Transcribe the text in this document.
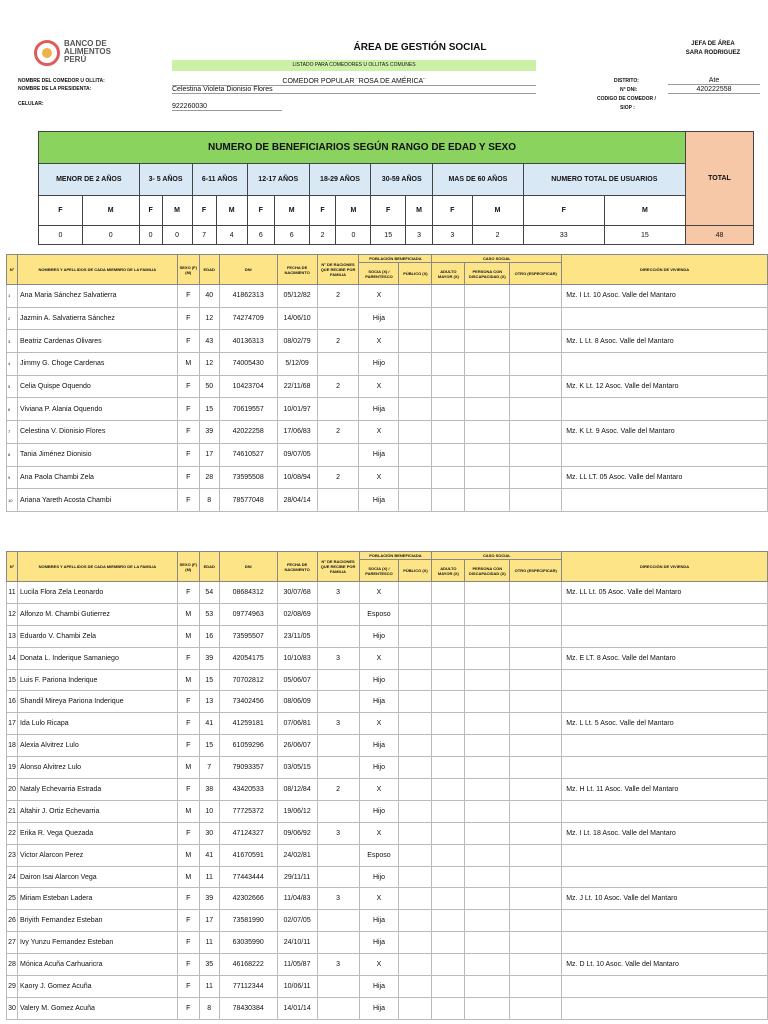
BANCO DE
ALIMENTOS
PERÚ
ÁREA DE GESTIÓN SOCIAL
LISTADO PARA COMEDORES U OLLITAS COMUNES
JEFA DE ÁREA
SARA RODRIGUEZ
NOMBRE DEL COMEDOR U OLLITA:
NOMBRE DE LA PRESIDENTA:
CELULAR:
COMEDOR POPULAR ¨ROSA DE AMÉRICA¨
Celestina Violeta Dionisio Flores
922260030
DISTRITO:
N° DNI:
CODIGO DE COMEDOR /
SIOP :
Ate
420222558
NUMERO DE BENEFICIARIOS SEGÚN RANGO DE EDAD Y SEXO																TOTAL
MENOR DE 2 AÑOS		3- 5 AÑOS		6-11 AÑOS		12-17 AÑOS		18-29 AÑOS		30-59 AÑOS		MAS DE 60 AÑOS		NUMERO TOTAL DE USUARIOS		
F	M	F	M	F	M	F	M	F	M	F	M	F	M	F	M	
0	0	0	0	7	4	6	6	2	0	15	3	3	2	33	15	48
N°	NOMBRES Y APELLIDOS DE CADA MIEMBRO DE LA FAMILIA	SEXO (F) (M)	EDAD	DNI	FECHA DE NACIMIENTO	N° DE RACIONES QUE RECIBE POR FAMILIA	POBLACIÓN BENEFICIADA		CASO SOCIAL			DIRECCIÓN DE VIVIENDA
							SOCIA (X) / PARENTESCO	PÚBLICO (X)	ADULTO MAYOR (X)	PERSONA CON DISCAPACIDAD (X)	OTRO (ESPECIFICAR)	
1	Ana Maria Sánchez Salvatierra	F	40	41862313	05/12/82	2	X					Mz. I Lt. 10 Asoc. Valle del Mantaro
2	Jazmin A. Salvatierra Sánchez	F	12	74274709	14/06/10		Hija					
3	Beatriz Cardenas Olivares	F	43	40136313	08/02/79	2	X					Mz. L Lt. 8 Asoc. Valle del Mantaro
4	Jimmy G. Choge Cardenas	M	12	74005430	5/12/09		Hijo					
5	Celia Quispe Oquendo	F	50	10423704	22/11/68	2	X					Mz. K Lt. 12 Asoc. Valle del Mantaro
6	Viviana P. Alania Oquendo	F	15	70619557	10/01/97		Hija					
7	Celestina V. Dionisio Flores	F	39	42022258	17/06/83	2	X					Mz. K Lt. 9 Asoc. Valle del Mantaro
8	Tania Jiménez Dionisio	F	17	74610527	09/07/05		Hija					
9	Ana Paola Chambi Zela	F	28	73595508	10/08/94	2	X					Mz. LL LT. 05 Asoc. Valle del Mantaro
10	Ariana Yareth Acosta Chambi	F	8	78577048	28/04/14		Hija					
N°	NOMBRES Y APELLIDOS DE CADA MIEMBRO DE LA FAMILIA	SEXO (F) (M)	EDAD	DNI	FECHA DE NACIMIENTO	N° DE RACIONES QUE RECIBE POR FAMILIA	POBLACIÓN BENEFICIADA		CASO SOCIAL			DIRECCIÓN DE VIVIENDA
							SOCIA (X) / PARENTESCO	PÚBLICO (X)	ADULTO MAYOR (X)	PERSONA CON DISCAPACIDAD (X)	OTRO (ESPECIFICAR)	
11	Lucila Flora Zela Leonardo	F	54	08684312	30/07/68	3	X					Mz. LL Lt. 05 Asoc. Valle del Mantaro
12	Alfonzo M. Chambi Gutierrez	M	53	09774963	02/08/69		Esposo					
13	Eduardo V. Chambi Zela	M	16	73595507	23/11/05		Hijo					
14	Donata L. Inderique Samaniego	F	39	42054175	10/10/83	3	X					Mz. E LT. 8 Asoc. Valle del Mantaro
15	Luis F. Pariona Inderique	M	15	70702812	05/06/07		Hijo					
16	Shandil Mireya Pariona Inderique	F	13	73402456	08/06/09		Hija					
17	Ida Lulo Ricapa	F	41	41259181	07/06/81	3	X					Mz. L Lt. 5 Asoc. Valle del Mantaro
18	Alexia Alvitrez Lulo	F	15	61059296	26/06/07		Hija					
19	Alonso Alvitrez Lulo	M	7	79093357	03/05/15		Hijo					
20	Nataly Echevarria Estrada	F	38	43420533	08/12/84	2	X					Mz. H Lt. 11 Asoc. Valle del Mantaro
21	Altahir J. Ortiz Echevarria	M	10	77725372	19/06/12		Hijo					
22	Erika R. Vega Quezada	F	30	47124327	09/06/92	3	X					Mz. I Lt. 18 Asoc. Valle del Mantaro
23	Victor Alarcon Perez	M	41	41670591	24/02/81		Esposo					
24	Dairon Isai Alarcon Vega	M	11	77443444	29/11/11		Hijo					
25	Miriam Esteban Ladera	F	39	42302666	11/04/83	3	X					Mz. J Lt. 10 Asoc. Valle del Mantaro
26	Briyith Fernandez Esteban	F	17	73581990	02/07/05		Hija					
27	Ivy Yunzu Fernandez Esteban	F	11	63035990	24/10/11		Hija					
28	Mónica Acuña Carhuaricra	F	35	46168222	11/05/87	3	X					Mz. D Lt. 10 Asoc. Valle del Mantaro
29	Kaory J. Gomez Acuña	F	11	77112344	10/06/11		Hija					
30	Valery M. Gomez Acuña	F	8	78430384	14/01/14		Hija					
